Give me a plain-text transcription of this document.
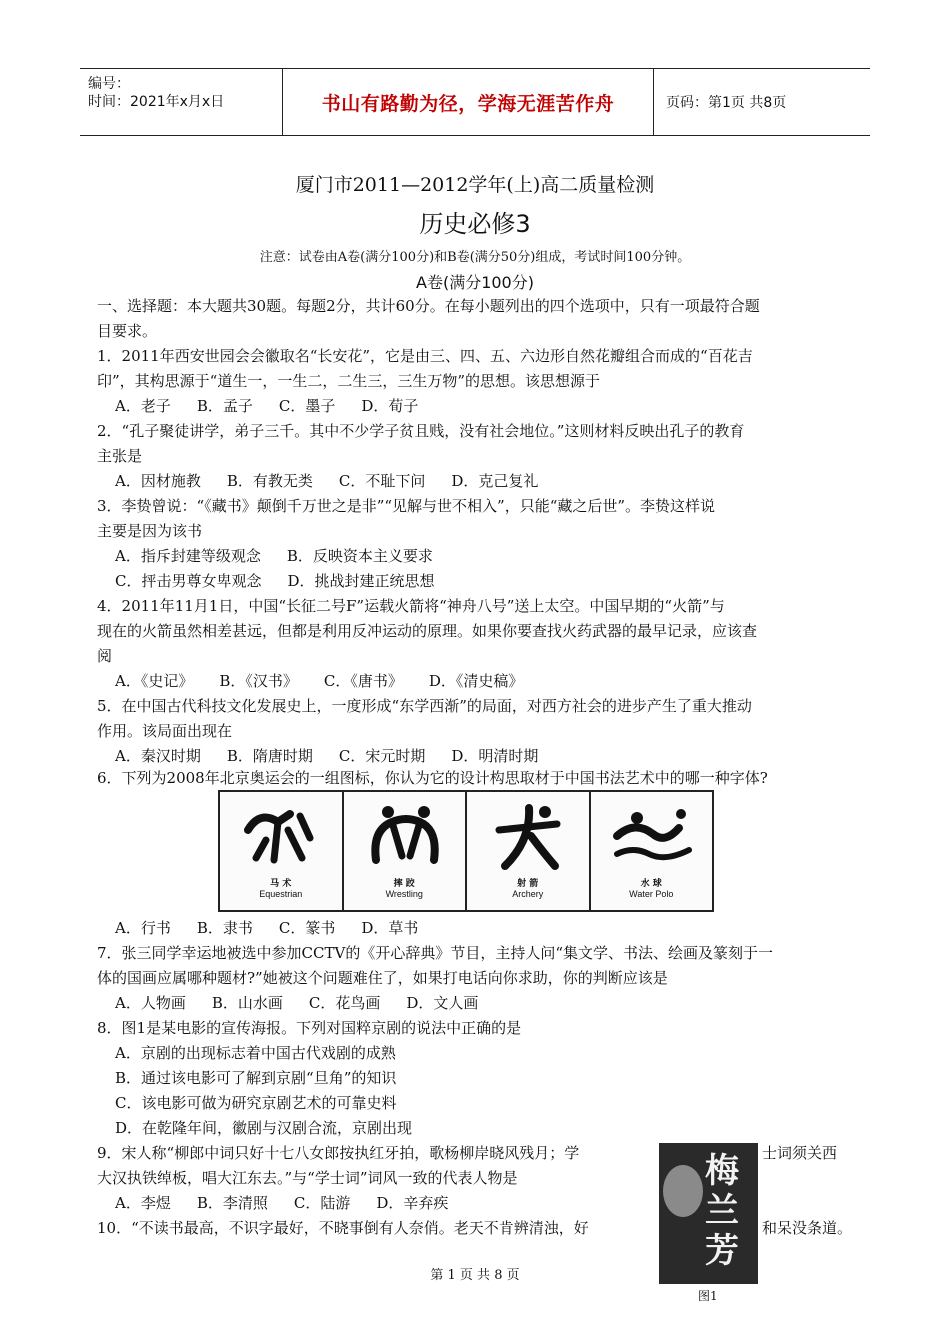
编号：
时间：2021年x月x日	书山有路勤为径，学海无涯苦作舟	页码：第1页 共8页
厦门市2011—2012学年(上)高二质量检测
历史必修3
注意：试卷由A卷(满分100分)和B卷(满分50分)组成，考试时间100分钟。
A卷(满分100分)
一、选择题：本大题共30题。每题2分，共计60分。在每小题列出的四个选项中，只有一项最符合题
目要求。
1．2011年西安世园会会徽取名“长安花”，它是由三、四、五、六边形自然花瓣组合而成的“百花吉
印”，其构思源于“道生一，一生二，二生三，三生万物”的思想。该思想源于
A．老子 B．孟子 C．墨子 D．荀子
2．“孔子聚徒讲学，弟子三千。其中不少学子贫且贱，没有社会地位。”这则材料反映出孔子的教育
主张是
A．因材施教 B．有教无类 C．不耻下问 D．克己复礼
3．李贽曾说：“《藏书》颠倒千万世之是非”“见解与世不相入”，只能“藏之后世”。李贽这样说
主要是因为该书
A．指斥封建等级观念 B．反映资本主义要求
C．抨击男尊女卑观念 D．挑战封建正统思想
4．2011年11月1日，中国“长征二号F”运载火箭将“神舟八号”送上太空。中国早期的“火箭”与
现在的火箭虽然相差甚远，但都是利用反冲运动的原理。如果你要查找火药武器的最早记录，应该查
阅
A．《史记》 B．《汉书》 C．《唐书》 D．《清史稿》
5．在中国古代科技文化发展史上，一度形成“东学西渐”的局面，对西方社会的进步产生了重大推动
作用。该局面出现在
A．秦汉时期 B．隋唐时期 C．宋元时期 D．明清时期
6．下列为2008年北京奥运会的一组图标，你认为它的设计构思取材于中国书法艺术中的哪一种字体?
马 术
Equestrian
摔 跤
Wrestling
射 箭
Archery
水 球
Water Polo
A．行书 B．隶书 C．篆书 D．草书
7．张三同学幸运地被选中参加CCTV的《开心辞典》节目，主持人问“集文学、书法、绘画及篆刻于一
体的国画应属哪种题材?”她被这个问题难住了，如果打电话向你求助，你的判断应该是
A．人物画 B．山水画 C．花鸟画 D．文人画
8．图1是某电影的宣传海报。下列对国粹京剧的说法中正确的是
A．京剧的出现标志着中国古代戏剧的成熟
B．通过该电影可了解到京剧“旦角”的知识
C．该电影可做为研究京剧艺术的可靠史料
D．在乾隆年间，徽剧与汉剧合流，京剧出现
9．宋人称“柳郎中词只好十七八女郎按执红牙拍，歌杨柳岸晓风残月；学	士词须关西
大汉执铁绰板，唱大江东去。”与“学士词”词风一致的代表人物是
A．李煜 B．李清照 C．陆游 D．辛弃疾
10．“不读书最高，不识字最好，不晓事倒有人奈俏。老天不肯辨清浊，好	和呆没条道。
梅
兰
芳
第 1 页 共 8 页
图1
